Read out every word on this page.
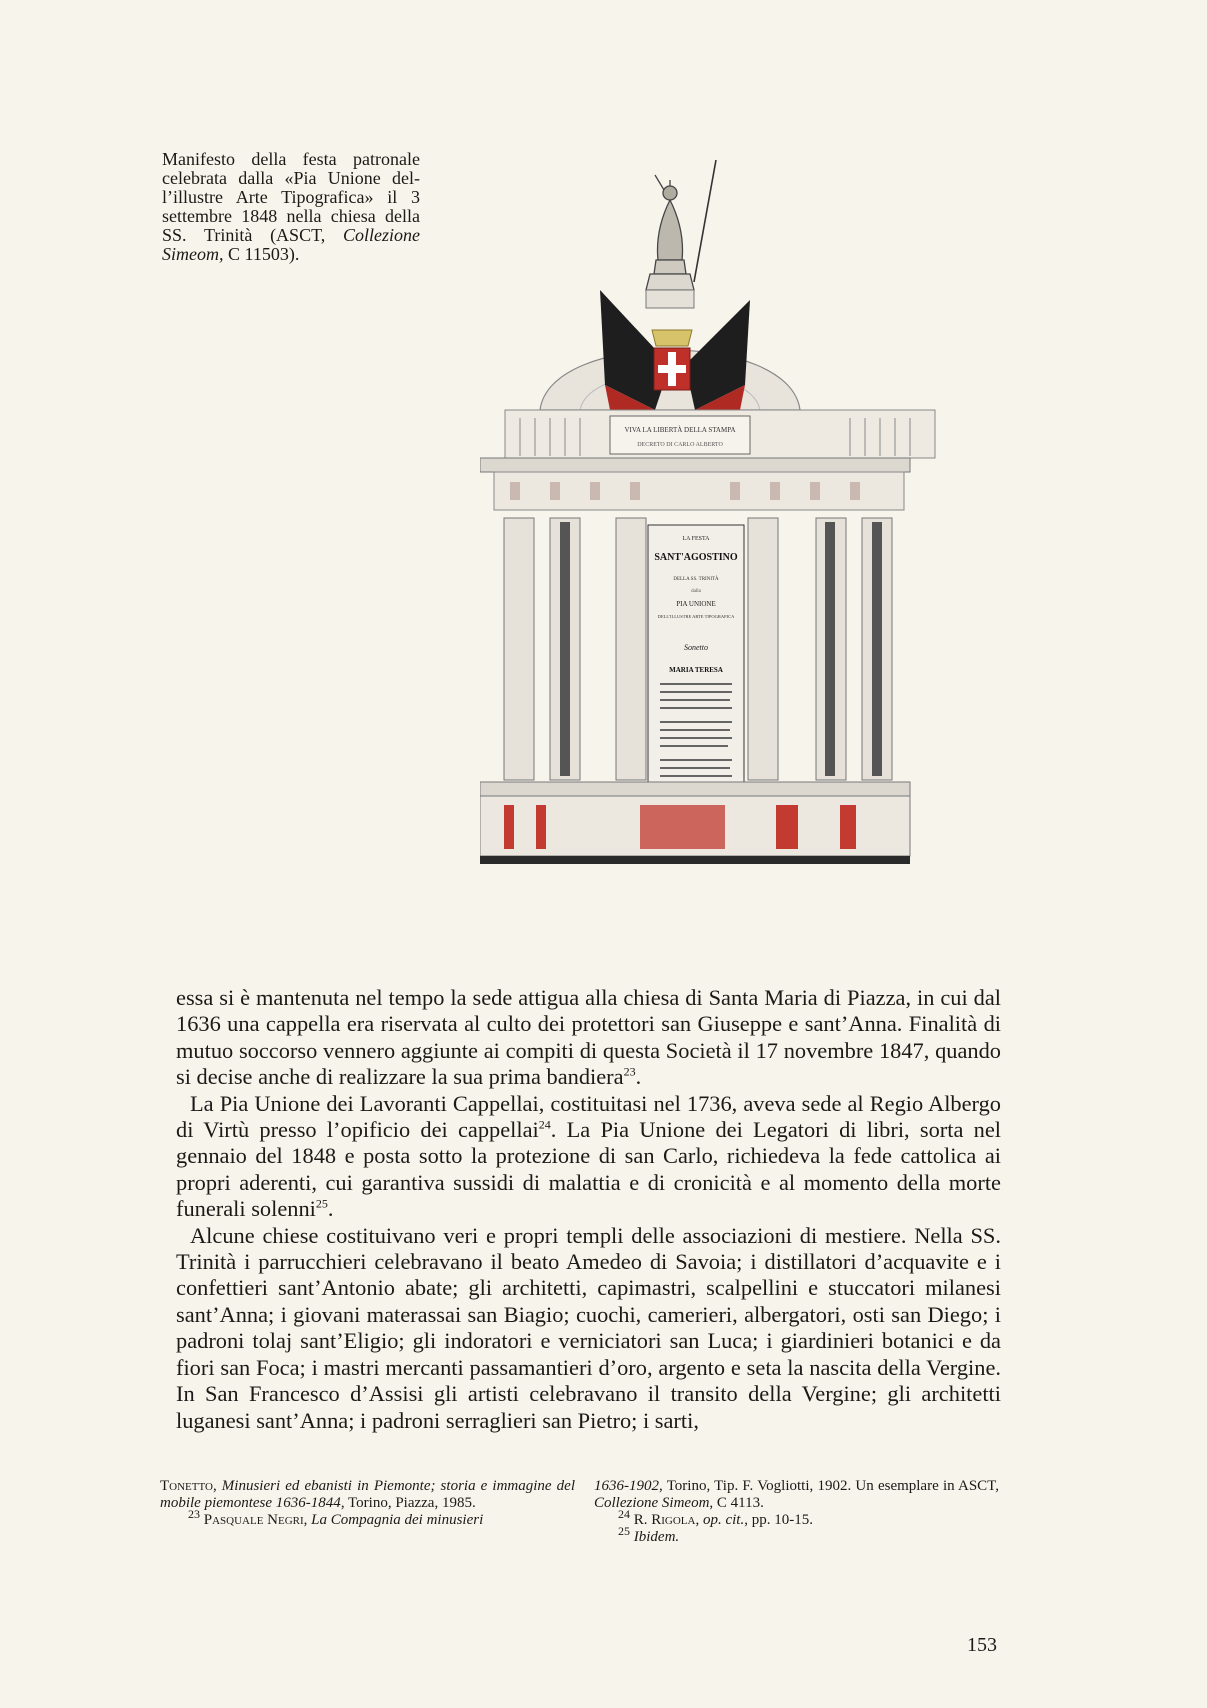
Manifesto della festa patronale celebrata dalla «Pia Unione dell’illustre Arte Tipografica» il 3 settembre 1848 nella chiesa della SS. Trinità (ASCT, Collezione Simeom, C 11503).
VIVA LA LIBERTÀ DELLA STAMPA
DECRETO DI CARLO ALBERTO
LA FESTA
SANT'AGOSTINO
DELLA SS. TRINITÀ
dalla
PIA UNIONE
DELL'ILLUSTRE ARTE TIPOGRAFICA
Sonetto
MARIA TERESA

essa si è mantenuta nel tempo la sede attigua alla chiesa di Santa Maria di Piazza, in cui dal 1636 una cappella era riservata al culto dei protettori san Giuseppe e sant’Anna. Finalità di mutuo soccorso vennero aggiunte ai compiti di questa Società il 17 novembre 1847, quando si decise anche di realizzare la sua prima bandiera$^{23}$.

La Pia Unione dei Lavoranti Cappellai, costituitasi nel 1736, aveva sede al Regio Albergo di Virtù presso l’opificio dei cappellai$^{24}$. La Pia Unione dei Legatori di libri, sorta nel gennaio del 1848 e posta sotto la protezione di san Carlo, richiedeva la fede cattolica ai propri aderenti, cui garantiva sussidi di malattia e di cronicità e al momento della morte funerali solenni$^{25}$.

Alcune chiese costituivano veri e propri templi delle associazioni di mestiere. Nella SS. Trinità i parrucchieri celebravano il beato Amedeo di Savoia; i distillatori d’acquavite e i confettieri sant’Antonio abate; gli architetti, capimastri, scalpellini e stuccatori milanesi sant’Anna; i giovani materassai san Biagio; cuochi, camerieri, albergatori, osti san Diego; i padroni tolaj sant’Eligio; gli indoratori e verniciatori san Luca; i giardinieri botanici e da fiori san Foca; i mastri mercanti passamantieri d’oro, argento e seta la nascita della Vergine. In San Francesco d’Assisi gli artisti celebravano il transito della Vergine; gli architetti luganesi sant’Anna; i padroni serraglieri san Pietro; i sarti,

Tonetto, Minusieri ed ebanisti in Piemonte; storia e immagine del mobile piemontese 1636-1844, Torino, Piazza, 1985.

$^{23}$ Pasquale Negri, La Compagnia dei minusieri

1636-1902, Torino, Tip. F. Vogliotti, 1902. Un esemplare in ASCT, Collezione Simeom, C 4113.

$^{24}$ R. Rigola, op. cit., pp. 10-15.

$^{25}$ Ibidem.

153
